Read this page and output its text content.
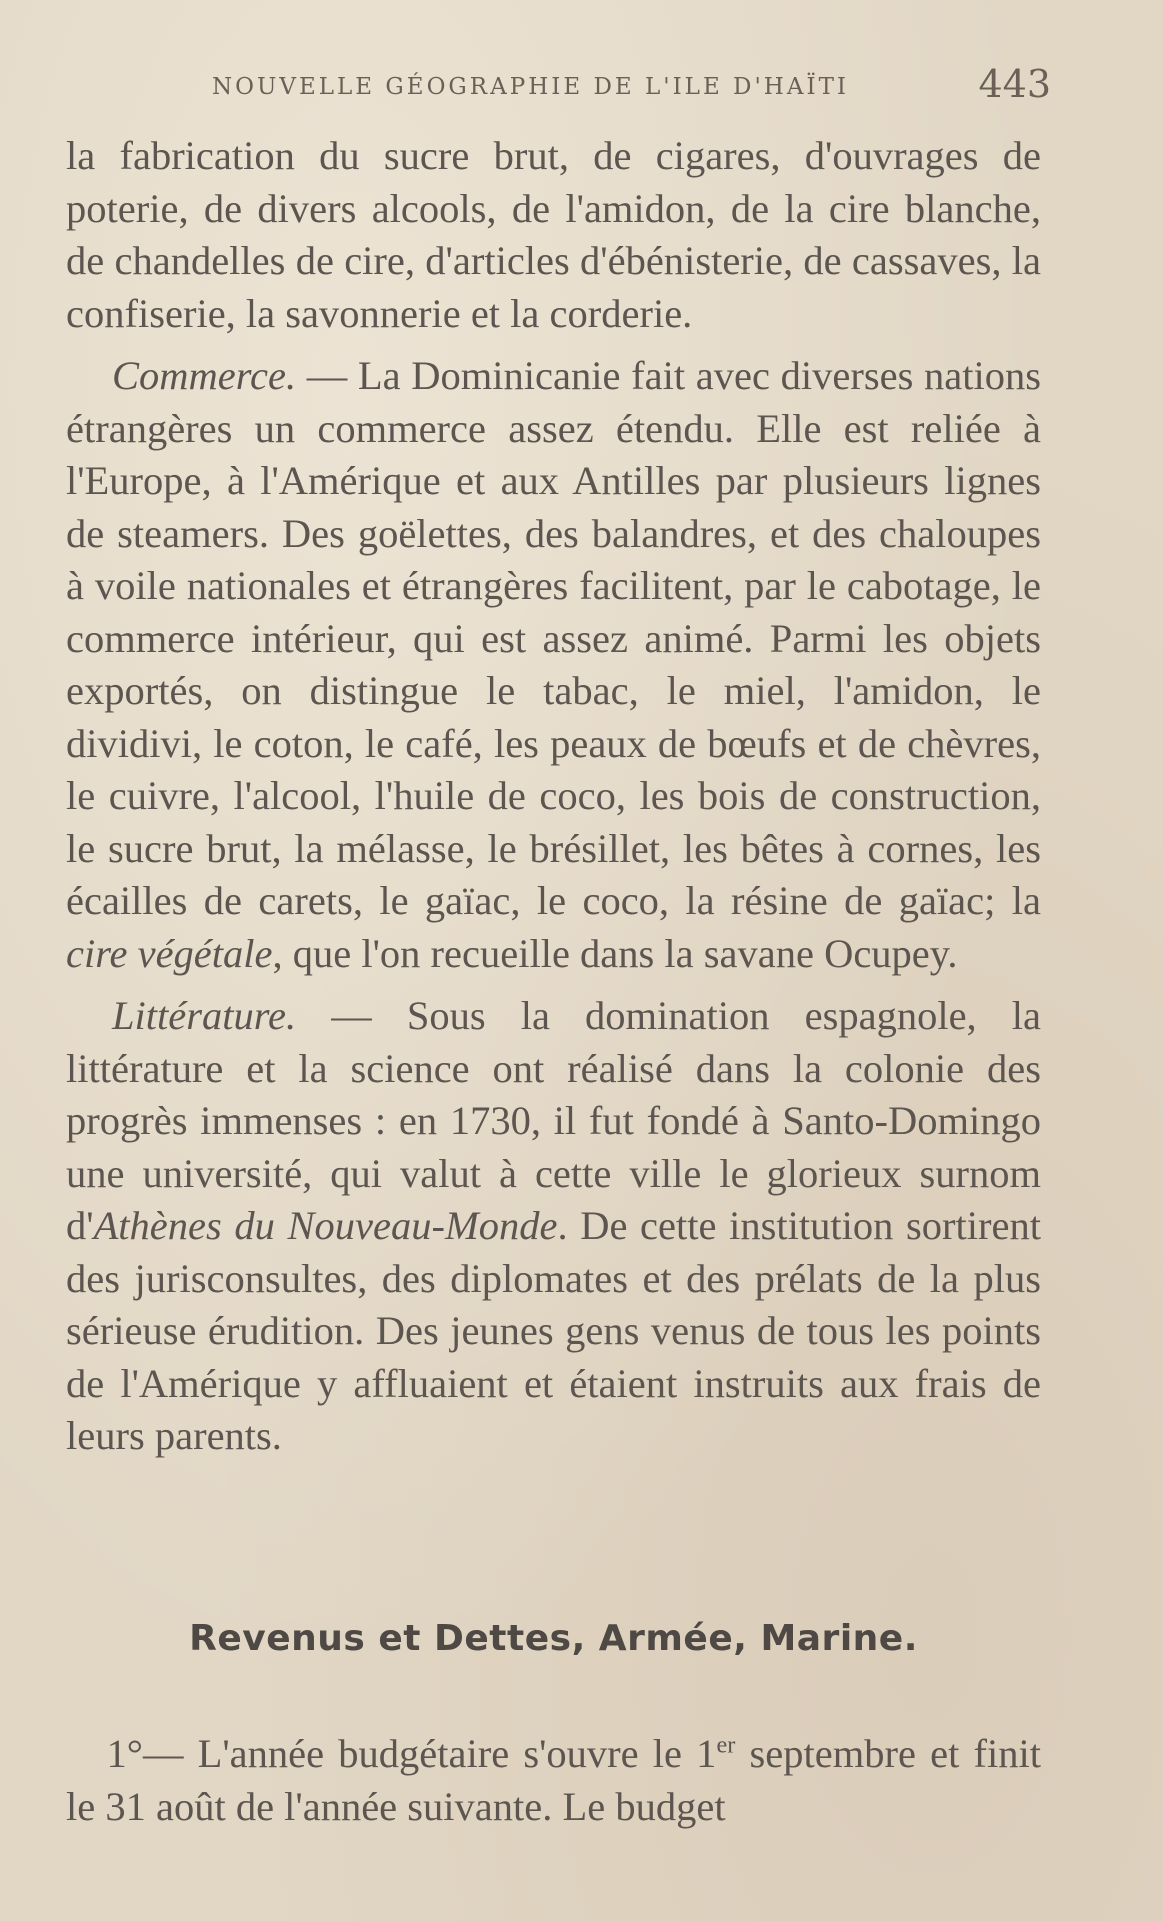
NOUVELLE GÉOGRAPHIE DE L'ILE D'HAÏTI	443

la fabrication du sucre brut, de cigares, d'ouvrages de poterie, de divers alcools, de l'amidon, de la cire blanche, de chandelles de cire, d'articles d'ébénisterie, de cassaves, la confiserie, la savonnerie et la corderie.

Commerce. — La Dominicanie fait avec diverses nations étrangères un commerce assez étendu. Elle est reliée à l'Europe, à l'Amérique et aux Antilles par plusieurs lignes de steamers. Des goëlettes, des balandres, et des chaloupes à voile nationales et étrangères facilitent, par le cabotage, le commerce intérieur, qui est assez animé. Parmi les objets exportés, on distingue le tabac, le miel, l'amidon, le dividivi, le coton, le café, les peaux de bœufs et de chèvres, le cuivre, l'alcool, l'huile de coco, les bois de construction, le sucre brut, la mélasse, le brésillet, les bêtes à cornes, les écailles de carets, le gaïac, le coco, la résine de gaïac; la cire végétale, que l'on recueille dans la savane Ocupey.

Littérature. — Sous la domination espagnole, la littérature et la science ont réalisé dans la colonie des progrès immenses : en 1730, il fut fondé à Santo-Domingo une université, qui valut à cette ville le glorieux surnom d'Athènes du Nouveau-Monde. De cette institution sortirent des jurisconsultes, des diplomates et des prélats de la plus sérieuse érudition. Des jeunes gens venus de tous les points de l'Amérique y affluaient et étaient instruits aux frais de leurs parents.

Revenus et Dettes, Armée, Marine.

 1°— L'année budgétaire s'ouvre le 1er septembre et finit le 31 août de l'année suivante. Le budget
